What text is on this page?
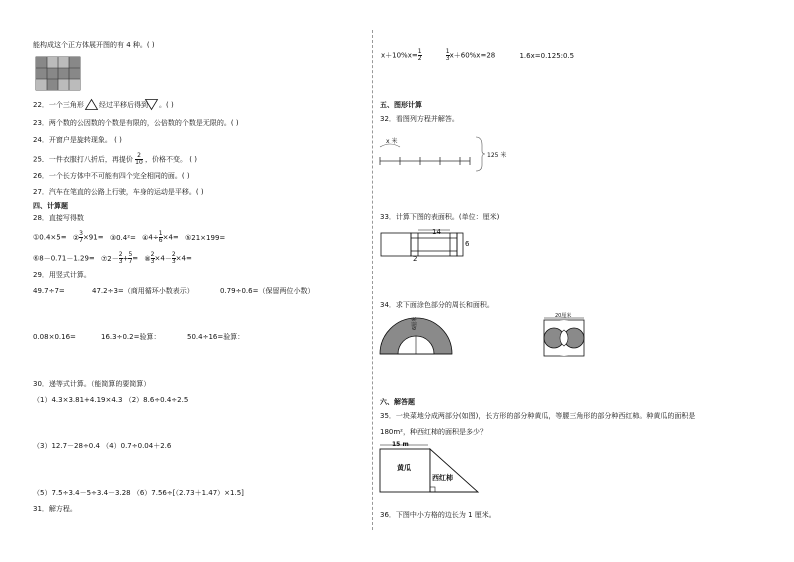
能构成这个正方体展开图的有 4 种。( )
22．一个三角形 经过平移后得到 。( )
23．两个数的公因数的个数是有限的，公倍数的个数是无限的。( )
24．开窗户是旋转现象。 ( )
25．一件衣服打八折后，再提价 $\frac{2}{10}$ ，价格不变。 ( )
26．一个长方体中不可能有四个完全相同的面。( )
27．汽车在笔直的公路上行驶，车身的运动是平移。( )
四、计算题
28．直接写得数
①0.4×5= ② $\frac{3}{7} \times 91=$ ③0.4²= ④4÷ $\frac{1}{6} \times 4=$ ⑤21×199=
⑥8－0.71－1.29= ⑦2－ $\frac{2}{3} + \frac{5}{7}$ = ⑧ $\frac{2}{3} \times 4- \frac{2}{3} \times 4=$
29．用竖式计算。
49.7÷7=	47.2÷3=（商用循环小数表示）	0.79÷0.6=（保留两位小数）
0.08×0.16=	16.3÷0.2=验算：	50.4÷16=验算：
30．递等式计算。（能简算的要简算）
（1）4.3×3.81+4.19×4.3 （2）8.6÷0.4÷2.5
（3）12.7－28÷0.4 （4）0.7÷0.04＋2.6
（5）7.5÷3.4－5÷3.4－3.28 （6）7.56÷[（2.73＋1.47）×1.5]
31．解方程。
$x+10\%x= \frac{1}{2}$
	$\frac{1}{3} x+60\%x=28$	1.6x=0.125:0.5
五、图形计算
32．看图列方程并解答。
x 米
125 米
33．计算下图的表面积。(单位：厘米)
14
6
2
34．求下面涂色部分的周长和面积。
6厘米
20厘米
六、解答题
35．一块菜地分成两部分(如图)，长方形的部分种黄瓜，等腰三角形的部分种西红柿。种黄瓜的面积是
180m²，种西红柿的面积是多少？
15 m
黄瓜
西红柿
36．下图中小方格的边长为 1 厘米。
